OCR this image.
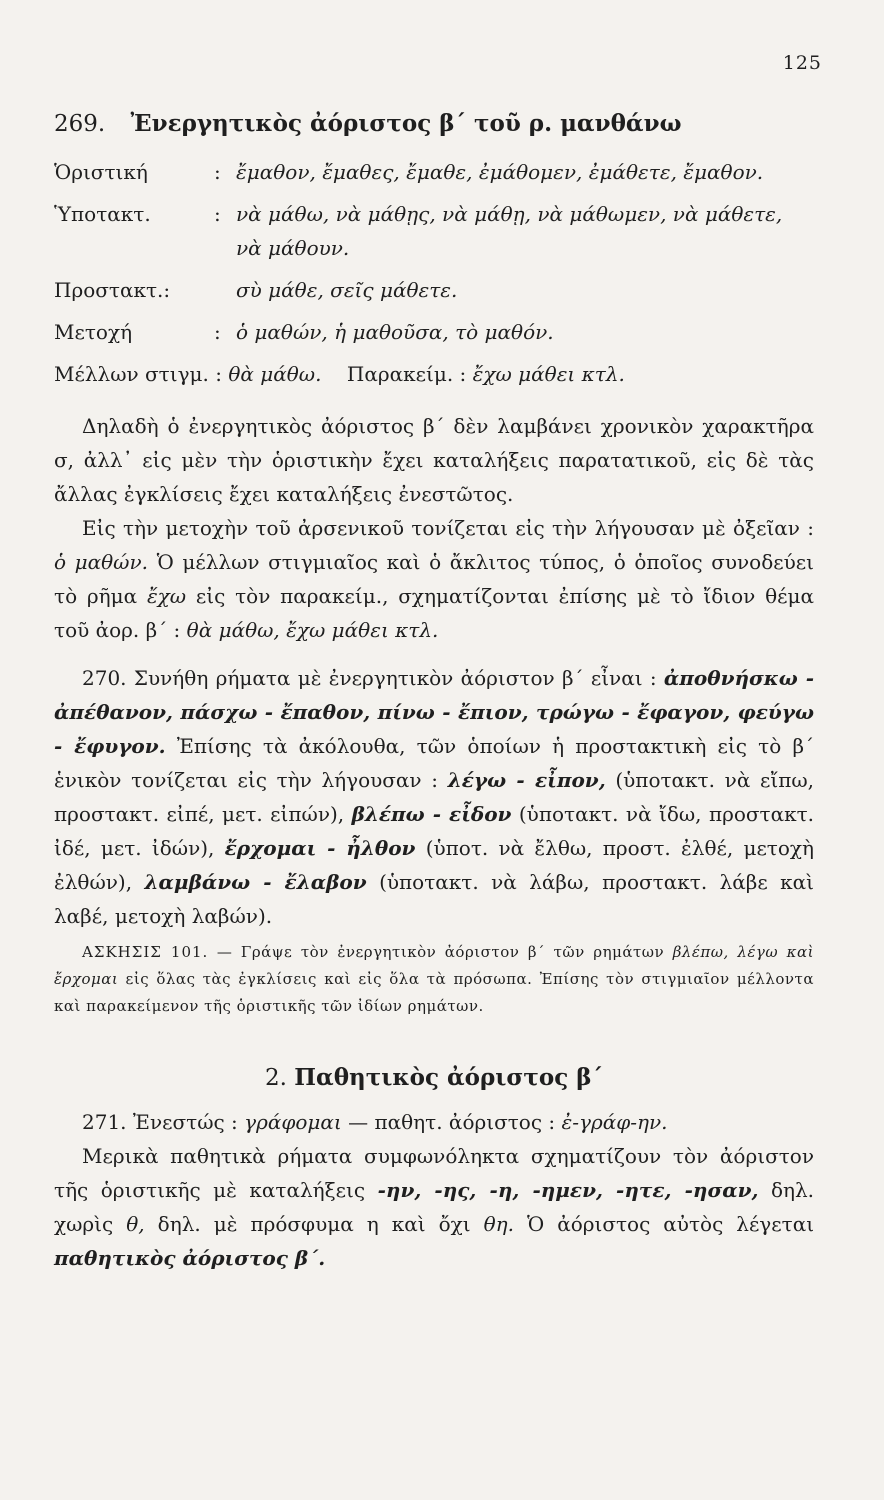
125
269. Ἐνεργητικὸς ἀόριστος β΄ τοῦ ρ. μανθάνω
Ὁριστική	:	ἔμαθον, ἔμαθες, ἔμαθε, ἐμάθομεν, ἐμάθετε, ἔμαθον.
Ὑποτακτ.	:	νὰ μάθω, νὰ μάθῃς, νὰ μάθῃ, νὰ μάθωμεν, νὰ μάθετε, νὰ μάθουν.
Προστακτ.:		σὺ μάθε, σεῖς μάθετε.
Μετοχή	:	ὁ μαθών, ἡ μαθοῦσα, τὸ μαθόν.
Μέλλων στιγμ. : θὰ μάθω. Παρακείμ. : ἔχω μάθει κτλ.		

Δηλαδὴ ὁ ἐνεργητικὸς ἀόριστος β΄ δὲν λαμβάνει χρονικὸν χαρακτῆρα σ, ἀλλ᾿ εἰς μὲν τὴν ὁριστικὴν ἔχει καταλήξεις παρατατικοῦ, εἰς δὲ τὰς ἄλλας ἐγκλίσεις ἔχει καταλήξεις ἐνεστῶτος.

Εἰς τὴν μετοχὴν τοῦ ἀρσενικοῦ τονίζεται εἰς τὴν λήγουσαν μὲ ὀξεῖαν : ὁ μαθών. Ὁ μέλλων στιγμιαῖος καὶ ὁ ἄκλιτος τύπος, ὁ ὁποῖος συνοδεύει τὸ ρῆμα ἔχω εἰς τὸν παρακείμ., σχηματίζονται ἐπίσης μὲ τὸ ἴδιον θέμα τοῦ ἀορ. β΄ : θὰ μάθω, ἔχω μάθει κτλ.

270. Συνήθη ρήματα μὲ ἐνεργητικὸν ἀόριστον β΄ εἶναι : ἀποθνήσκω - ἀπέθανον, πάσχω - ἔπαθον, πίνω - ἔπιον, τρώγω - ἔφαγον, φεύγω - ἔφυγον. Ἐπίσης τὰ ἀκόλουθα, τῶν ὁποίων ἡ προστακτικὴ εἰς τὸ β΄ ἑνικὸν τονίζεται εἰς τὴν λήγουσαν : λέγω - εἶπον, (ὑποτακτ. νὰ εἴπω, προστακτ. εἰπέ, μετ. εἰπών), βλέπω - εἶδον (ὑποτακτ. νὰ ἴδω, προστακτ. ἰδέ, μετ. ἰδών), ἔρχομαι - ἦλθον (ὑποτ. νὰ ἔλθω, προστ. ἐλθέ, μετοχὴ ἐλθών), λαμβάνω - ἔλαβον (ὑποτακτ. νὰ λάβω, προστακτ. λάβε καὶ λαβέ, μετοχὴ λαβών).

ΑΣΚΗΣΙΣ 101. — Γράψε τὸν ἐνεργητικὸν ἀόριστον β΄ τῶν ρημάτων βλέπω, λέγω καὶ ἔρχομαι εἰς ὅλας τὰς ἐγκλίσεις καὶ εἰς ὅλα τὰ πρόσωπα. Ἐπίσης τὸν στιγμιαῖον μέλλοντα καὶ παρακείμενον τῆς ὁριστικῆς τῶν ἰδίων ρημάτων.

2. Παθητικὸς ἀόριστος β΄

271. Ἐνεστώς : γράφομαι — παθητ. ἀόριστος : ἐ-γράφ-ην.

Μερικὰ παθητικὰ ρήματα συμφωνόληκτα σχηματίζουν τὸν ἀόριστον τῆς ὁριστικῆς μὲ καταλήξεις -ην, -ης, -η, -ημεν, -ητε, -ησαν, δηλ. χωρὶς θ, δηλ. μὲ πρόσφυμα η καὶ ὄχι θη. Ὁ ἀόριστος αὐτὸς λέγεται παθητικὸς ἀόριστος β΄.
